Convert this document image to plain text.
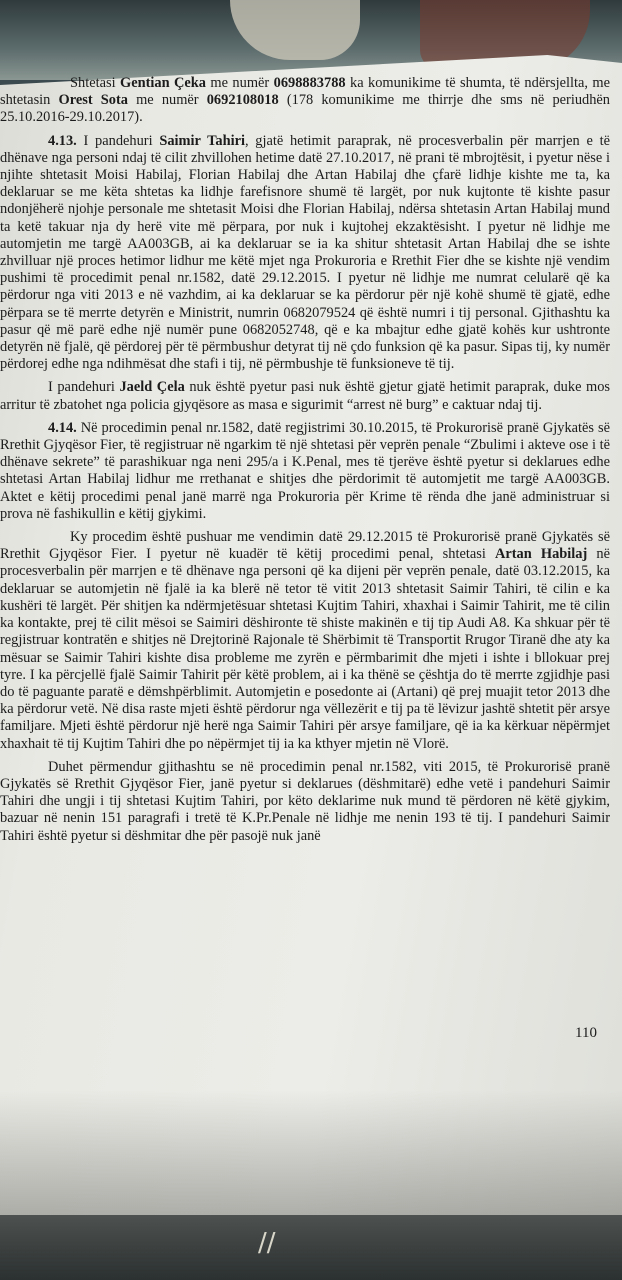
Shtetasi Gentian Çeka me numër 0698883788 ka komunikime të shumta, të ndërsjellta, me shtetasin Orest Sota me numër 0692108018 (178 komunikime me thirrje dhe sms në periudhën 25.10.2016-29.10.2017).

4.13. I pandehuri Saimir Tahiri, gjatë hetimit paraprak, në procesverbalin për marrjen e të dhënave nga personi ndaj të cilit zhvillohen hetime datë 27.10.2017, në prani të mbrojtësit, i pyetur nëse i njihte shtetasit Moisi Habilaj, Florian Habilaj dhe Artan Habilaj dhe çfarë lidhje kishte me ta, ka deklaruar se me këta shtetas ka lidhje farefisnore shumë të largët, por nuk kujtonte të kishte pasur ndonjëherë njohje personale me shtetasit Moisi dhe Florian Habilaj, ndërsa shtetasin Artan Habilaj mund ta ketë takuar nja dy herë vite më përpara, por nuk i kujtohej ekzaktësisht. I pyetur në lidhje me automjetin me targë AA003GB, ai ka deklaruar se ia ka shitur shtetasit Artan Habilaj dhe se ishte zhvilluar një proces hetimor lidhur me këtë mjet nga Prokuroria e Rrethit Fier dhe se kishte një vendim pushimi të procedimit penal nr.1582, datë 29.12.2015. I pyetur në lidhje me numrat celularë që ka përdorur nga viti 2013 e në vazhdim, ai ka deklaruar se ka përdorur për një kohë shumë të gjatë, edhe përpara se të merrte detyrën e Ministrit, numrin 0682079524 që është numri i tij personal. Gjithashtu ka pasur që më parë edhe një numër pune 0682052748, që e ka mbajtur edhe gjatë kohës kur ushtronte detyrën në fjalë, që përdorej për të përmbushur detyrat tij në çdo funksion që ka pasur. Sipas tij, ky numër përdorej edhe nga ndihmësat dhe stafi i tij, në përmbushje të funksioneve të tij.

I pandehuri Jaeld Çela nuk është pyetur pasi nuk është gjetur gjatë hetimit paraprak, duke mos arritur të zbatohet nga policia gjyqësore as masa e sigurimit “arrest në burg” e caktuar ndaj tij.

4.14. Në procedimin penal nr.1582, datë regjistrimi 30.10.2015, të Prokurorisë pranë Gjykatës së Rrethit Gjyqësor Fier, të regjistruar në ngarkim të një shtetasi për veprën penale “Zbulimi i akteve ose i të dhënave sekrete” të parashikuar nga neni 295/a i K.Penal, mes të tjerëve është pyetur si deklarues edhe shtetasi Artan Habilaj lidhur me rrethanat e shitjes dhe përdorimit të automjetit me targë AA003GB. Aktet e këtij procedimi penal janë marrë nga Prokuroria për Krime të rënda dhe janë administruar si prova në fashikullin e këtij gjykimi.

Ky procedim është pushuar me vendimin datë 29.12.2015 të Prokurorisë pranë Gjykatës së Rrethit Gjyqësor Fier. I pyetur në kuadër të këtij procedimi penal, shtetasi Artan Habilaj në procesverbalin për marrjen e të dhënave nga personi që ka dijeni për veprën penale, datë 03.12.2015, ka deklaruar se automjetin në fjalë ia ka blerë në tetor të vitit 2013 shtetasit Saimir Tahiri, të cilin e ka kushëri të largët. Për shitjen ka ndërmjetësuar shtetasi Kujtim Tahiri, xhaxhai i Saimir Tahirit, me të cilin ka kontakte, prej të cilit mësoi se Saimiri dëshironte të shiste makinën e tij tip Audi A8. Ka shkuar për të regjistruar kontratën e shitjes në Drejtorinë Rajonale të Shërbimit të Transportit Rrugor Tiranë dhe aty ka mësuar se Saimir Tahiri kishte disa probleme me zyrën e përmbarimit dhe mjeti i ishte i bllokuar prej tyre. I ka përcjellë fjalë Saimir Tahirit për këtë problem, ai i ka thënë se çështja do të merrte zgjidhje pasi do të paguante paratë e dëmshpërblimit. Automjetin e posedonte ai (Artani) që prej muajit tetor 2013 dhe ka përdorur vetë. Në disa raste mjeti është përdorur nga vëllezërit e tij pa të lëvizur jashtë shtetit për arsye familjare. Mjeti është përdorur një herë nga Saimir Tahiri për arsye familjare, që ia ka kërkuar nëpërmjet xhaxhait të tij Kujtim Tahiri dhe po nëpërmjet tij ia ka kthyer mjetin në Vlorë.

Duhet përmendur gjithashtu se në procedimin penal nr.1582, viti 2015, të Prokurorisë pranë Gjykatës së Rrethit Gjyqësor Fier, janë pyetur si deklarues (dëshmitarë) edhe vetë i pandehuri Saimir Tahiri dhe ungji i tij shtetasi Kujtim Tahiri, por këto deklarime nuk mund të përdoren në këtë gjykim, bazuar në nenin 151 paragrafi i tretë të K.Pr.Penale në lidhje me nenin 193 të tij. I pandehuri Saimir Tahiri është pyetur si dëshmitar dhe për pasojë nuk janë

110
//
